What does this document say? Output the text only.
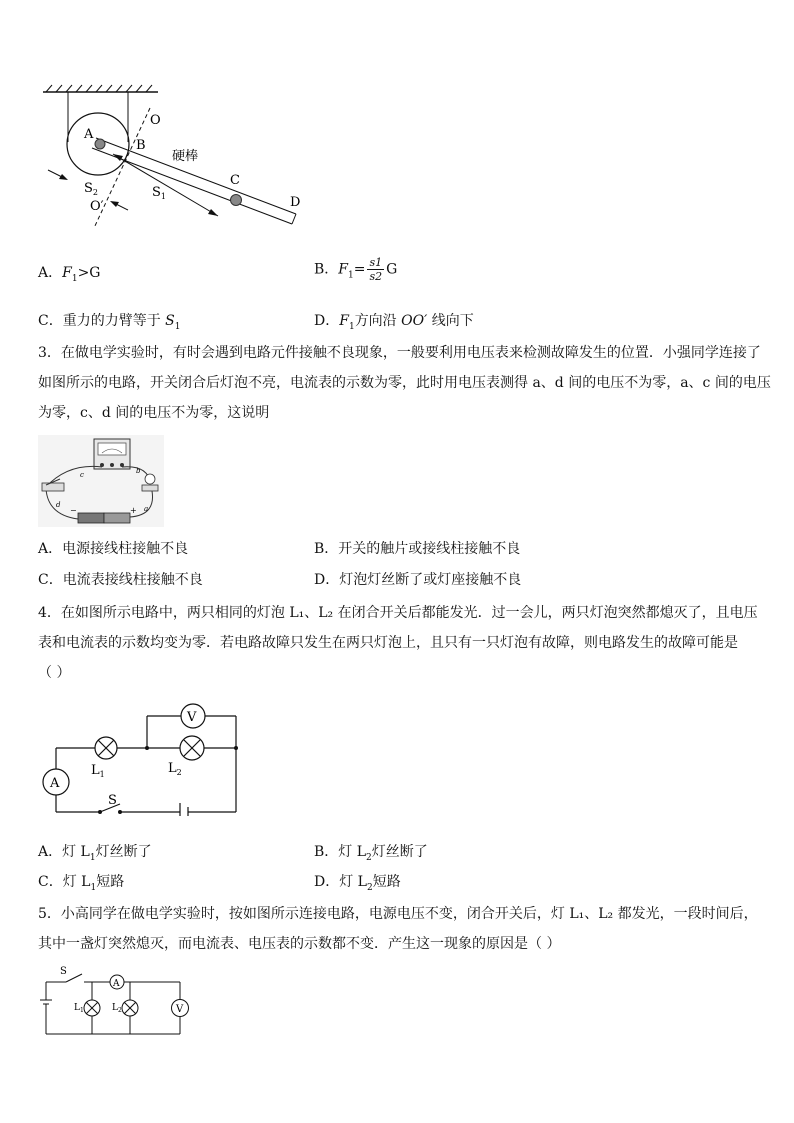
A
B
O
硬棒
C
D
$S_2$	$S_1$
O′
A．$F_1>G$	B．$F_1= \frac{s1}{s2}$ G
C．重力的力臂等于 $S_1$	D．$F_1$方向沿 OO′ 线向下
3．在做电学实验时，有时会遇到电路元件接触不良现象，一般要利用电压表来检测故障发生的位置．小强同学连接了
如图所示的电路，开关闭合后灯泡不亮，电流表的示数为零，此时用电压表测得 a、d 间的电压不为零，a、c 间的电压
为零，c、d 间的电压不为零，这说明
a
b
c
d
+
−
A．电源接线柱接触不良	B．开关的触片或接线柱接触不良
C．电流表接线柱接触不良	D．灯泡灯丝断了或灯座接触不良
4．在如图所示电路中，两只相同的灯泡 L₁、L₂ 在闭合开关后都能发光．过一会儿，两只灯泡突然都熄灭了，且电压
表和电流表的示数均变为零．若电路故障只发生在两只灯泡上，且只有一只灯泡有故障，则电路发生的故障可能是
（ ）
V
A
$L_1$	$L_2$
S
A．灯 $L_1$灯丝断了	B．灯 $L_2$灯丝断了
C．灯 $L_1$短路	D．灯 $L_2$短路
5．小高同学在做电学实验时，按如图所示连接电路，电源电压不变，闭合开关后，灯 L₁、L₂ 都发光，一段时间后，
其中一盏灯突然熄灭，而电流表、电压表的示数都不变．产生这一现象的原因是（ ）
S
A
V
$L_1$	$L_2$
